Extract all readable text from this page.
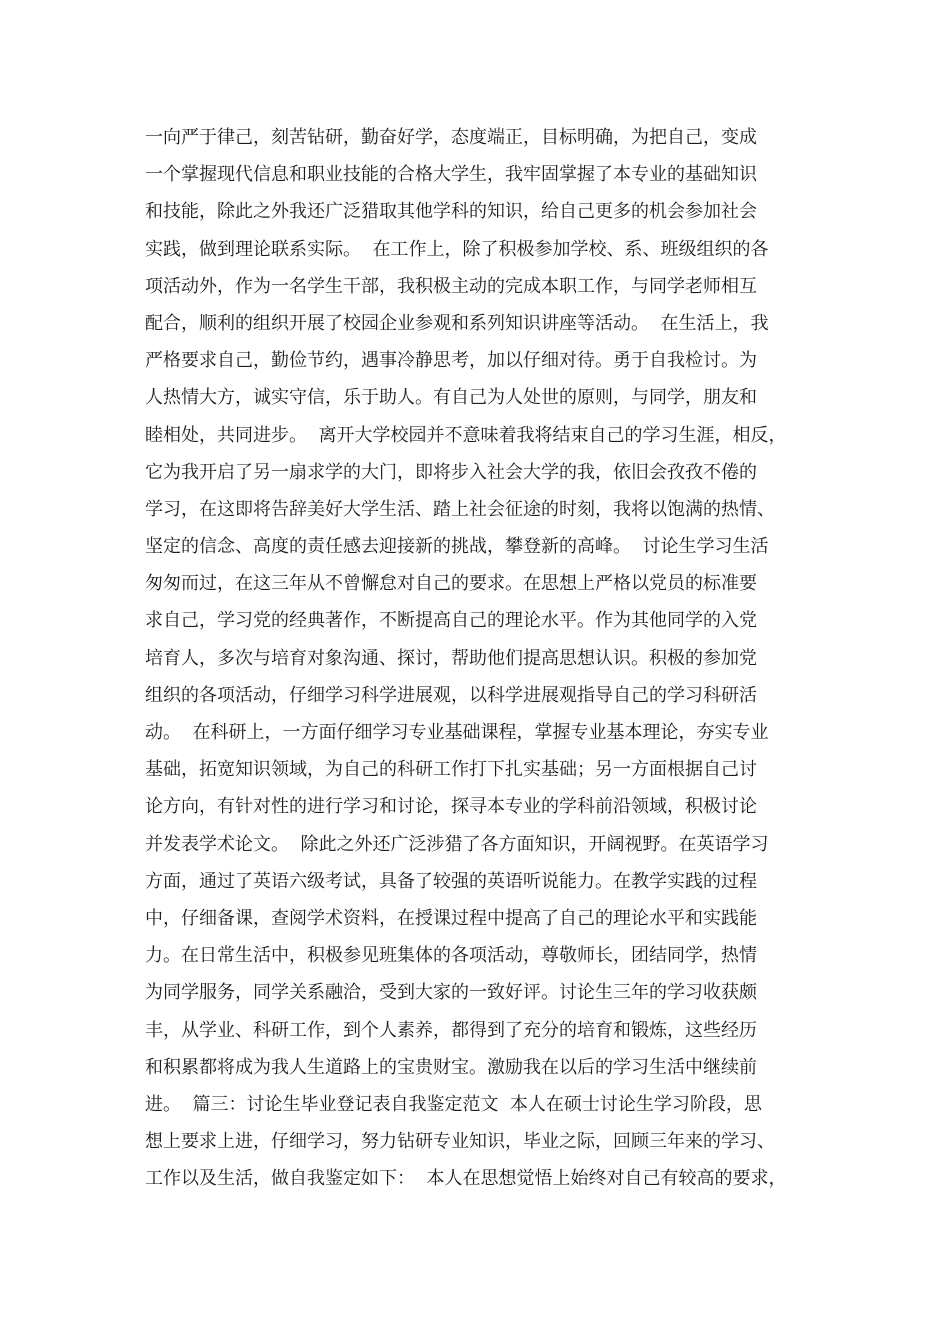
一向严于律己，刻苦钻研，勤奋好学，态度端正，目标明确，为把自己，变成
一个掌握现代信息和职业技能的合格大学生，我牢固掌握了本专业的基础知识
和技能，除此之外我还广泛猎取其他学科的知识，给自己更多的机会参加社会
实践，做到理论联系实际。  在工作上，除了积极参加学校、系、班级组织的各
项活动外，作为一名学生干部，我积极主动的完成本职工作，与同学老师相互
配合，顺利的组织开展了校园企业参观和系列知识讲座等活动。  在生活上，我
严格要求自己，勤俭节约，遇事冷静思考，加以仔细对待。勇于自我检讨。为
人热情大方，诚实守信，乐于助人。有自己为人处世的原则，与同学，朋友和
睦相处，共同进步。  离开大学校园并不意味着我将结束自己的学习生涯，相反，
它为我开启了另一扇求学的大门，即将步入社会大学的我，依旧会孜孜不倦的
学习，在这即将告辞美好大学生活、踏上社会征途的时刻，我将以饱满的热情、
坚定的信念、高度的责任感去迎接新的挑战，攀登新的高峰。  讨论生学习生活
匆匆而过，在这三年从不曾懈怠对自己的要求。在思想上严格以党员的标准要
求自己，学习党的经典著作，不断提高自己的理论水平。作为其他同学的入党
培育人，多次与培育对象沟通、探讨，帮助他们提高思想认识。积极的参加党
组织的各项活动，仔细学习科学进展观，以科学进展观指导自己的学习科研活
动。  在科研上，一方面仔细学习专业基础课程，掌握专业基本理论，夯实专业
基础，拓宽知识领域，为自己的科研工作打下扎实基础；另一方面根据自己讨
论方向，有针对性的进行学习和讨论，探寻本专业的学科前沿领域，积极讨论
并发表学术论文。  除此之外还广泛涉猎了各方面知识，开阔视野。在英语学习
方面，通过了英语六级考试，具备了较强的英语听说能力。在教学实践的过程
中，仔细备课，查阅学术资料，在授课过程中提高了自己的理论水平和实践能
力。在日常生活中，积极参见班集体的各项活动，尊敬师长，团结同学，热情
为同学服务，同学关系融洽，受到大家的一致好评。讨论生三年的学习收获颇
丰，从学业、科研工作，到个人素养，都得到了充分的培育和锻炼，这些经历
和积累都将成为我人生道路上的宝贵财宝。激励我在以后的学习生活中继续前
进。  篇三：讨论生毕业登记表自我鉴定范文  本人在硕士讨论生学习阶段，思
想上要求上进，仔细学习，努力钻研专业知识，毕业之际，回顾三年来的学习、
工作以及生活，做自我鉴定如下：  本人在思想觉悟上始终对自己有较高的要求，
